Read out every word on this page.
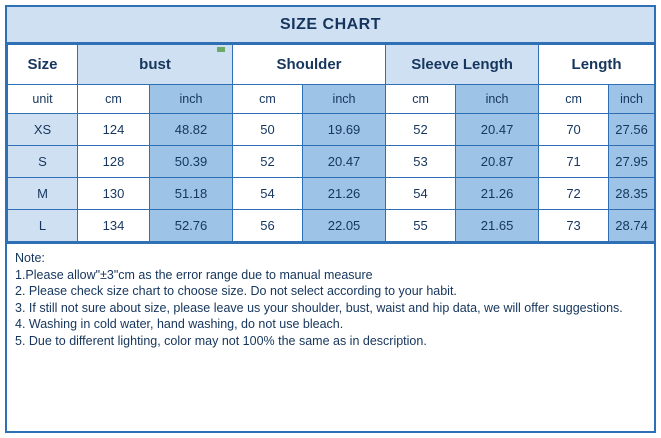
SIZE CHART
Size	bust		Shoulder		Sleeve Length		Length	
unit	cm	inch	cm	inch	cm	inch	cm	inch
XS	124	48.82	50	19.69	52	20.47	70	27.56
S	128	50.39	52	20.47	53	20.87	71	27.95
M	130	51.18	54	21.26	54	21.26	72	28.35
L	134	52.76	56	22.05	55	21.65	73	28.74
Note:
1.Please allow"±3"cm as the error range due to manual measure
2. Please check size chart to choose size. Do not select according to your habit.
3. If still not sure about size, please leave us your shoulder, bust, waist and hip data, we will offer suggestions.
4. Washing in cold water, hand washing, do not use bleach.
5. Due to different lighting, color may not 100% the same as in description.
